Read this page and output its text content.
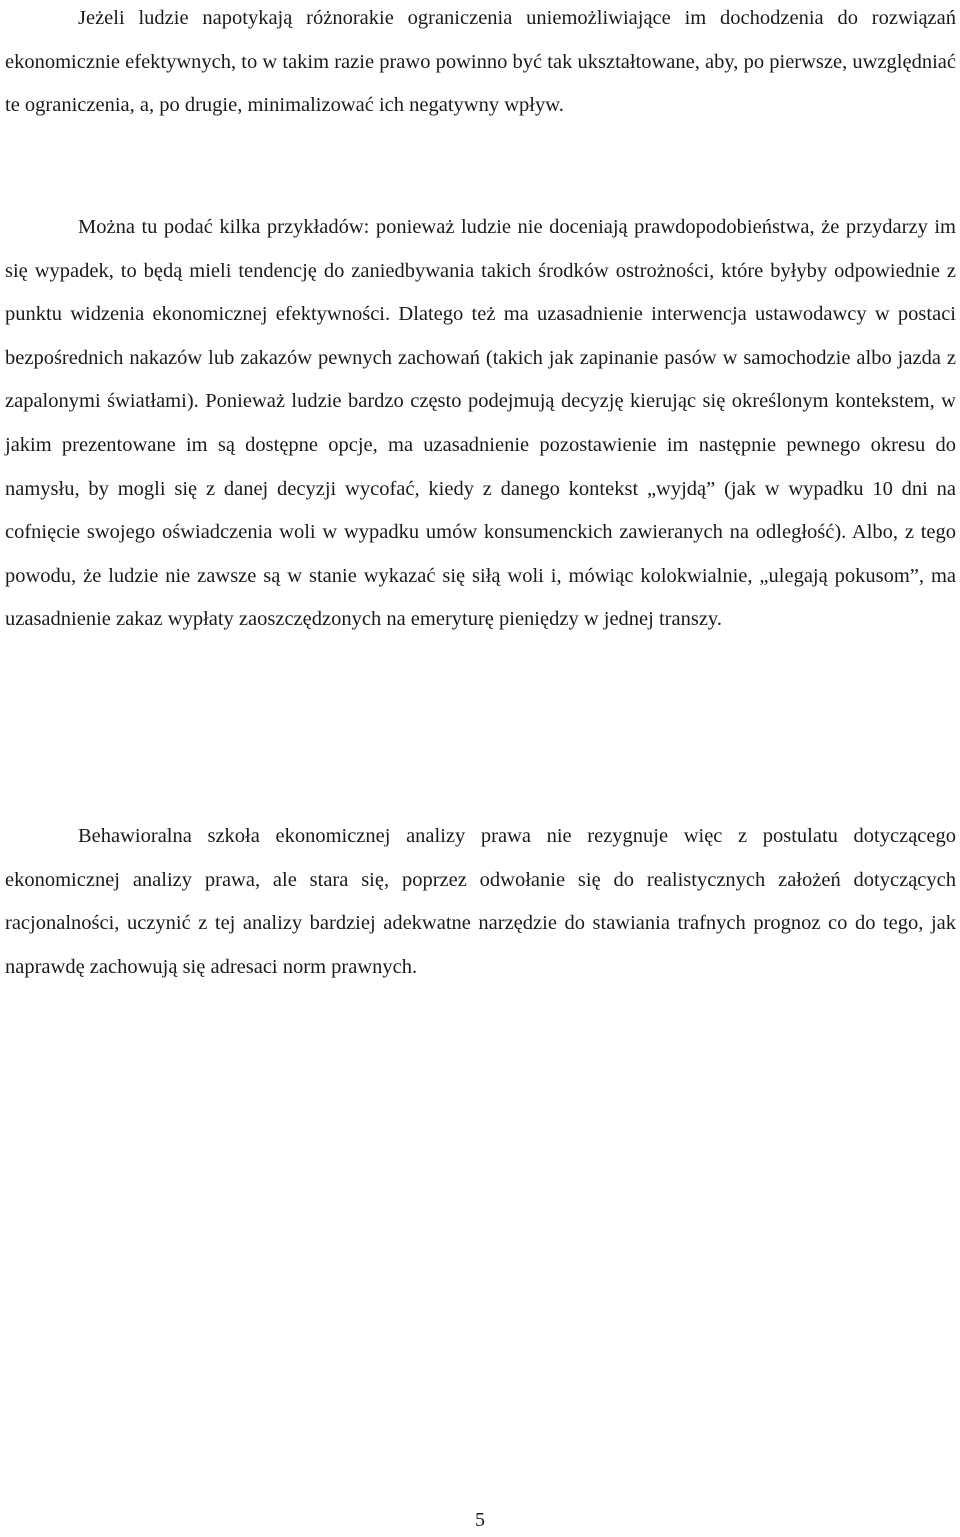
Jeżeli ludzie napotykają różnorakie ograniczenia uniemożliwiające im dochodzenia do rozwiązań ekonomicznie efektywnych, to w takim razie prawo powinno być tak ukształtowane, aby, po pierwsze, uwzględniać te ograniczenia, a, po drugie, minimalizować ich negatywny wpływ.

Można tu podać kilka przykładów: ponieważ ludzie nie doceniają prawdopodobieństwa, że przydarzy im się wypadek, to będą mieli tendencję do zaniedbywania takich środków ostrożności, które byłyby odpowiednie z punktu widzenia ekonomicznej efektywności. Dlatego też ma uzasadnienie interwencja ustawodawcy w postaci bezpośrednich nakazów lub zakazów pewnych zachowań (takich jak zapinanie pasów w samochodzie albo jazda z zapalonymi światłami). Ponieważ ludzie bardzo często podejmują decyzję kierując się określonym kontekstem, w jakim prezentowane im są dostępne opcje, ma uzasadnienie pozostawienie im następnie pewnego okresu do namysłu, by mogli się z danej decyzji wycofać, kiedy z danego kontekst „wyjdą” (jak w wypadku 10 dni na cofnięcie swojego oświadczenia woli w wypadku umów konsumenckich zawieranych na odległość). Albo, z tego powodu, że ludzie nie zawsze są w stanie wykazać się siłą woli i, mówiąc kolokwialnie, „ulegają pokusom”, ma uzasadnienie zakaz wypłaty zaoszczędzonych na emeryturę pieniędzy w jednej transzy.

Behawioralna szkoła ekonomicznej analizy prawa nie rezygnuje więc z postulatu dotyczącego ekonomicznej analizy prawa, ale stara się, poprzez odwołanie się do realistycznych założeń dotyczących racjonalności, uczynić z tej analizy bardziej adekwatne narzędzie do stawiania trafnych prognoz co do tego, jak naprawdę zachowują się adresaci norm prawnych.

5
